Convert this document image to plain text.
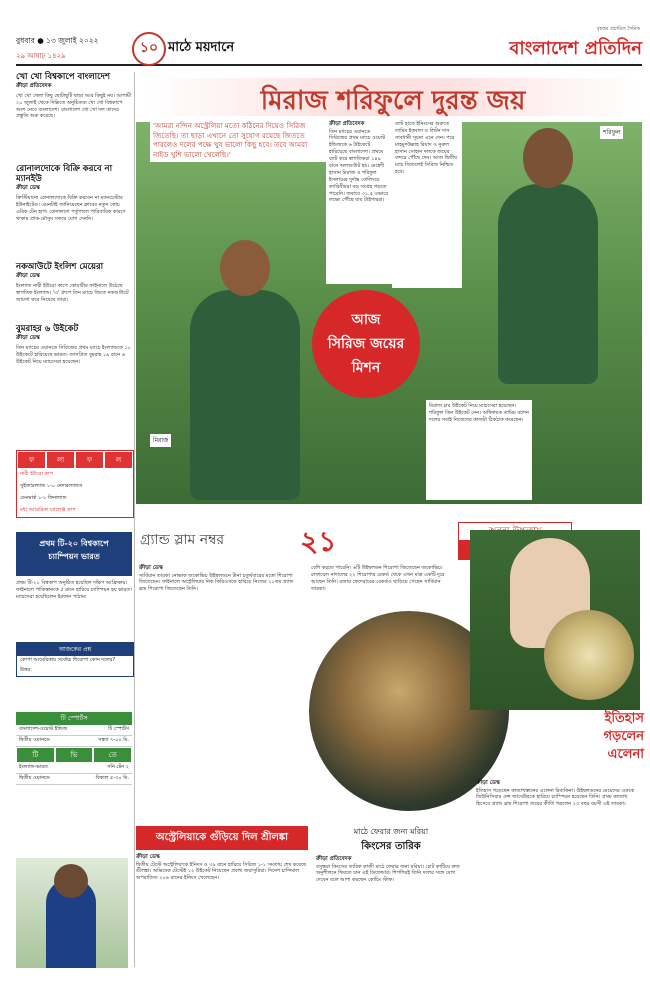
বুধবার ● ১৩ জুলাই ২০২২
২৯ আষাঢ় ১৪২৯	১০ মাঠে ময়দানে
বৃহত্তম প্রচারিত দৈনিক
বাংলাদেশ প্রতিদিন

খো খো বিশ্বকাপে বাংলাদেশ

ক্রীড়া প্রতিবেদক

খো খো খেলা কিছু ছোটাছুটি ছাড়া আর কিছুই নয়। আগামী ২০ জুলাই থেকে দিল্লিতে অনুষ্ঠিতব্য খো খো বিশ্বকাপে অংশ নেবে বাংলাদেশ। বাংলাদেশ খো খো দল তাদের প্রস্তুতি শুরু করেছে।

রোনালদোকে বিক্রি করবে না ম্যানইউ

ক্রীড়া ডেস্ক

ক্রিস্টিয়ানো রোনালদোকে বিক্রি করবেন না ম্যানচেস্টার ইউনাইটেড। এমনটাই জানিয়েছেন ক্লাবের নতুন কোচ এরিক টেন হাগ। রোনালদো পর্তুগালে পারিবারিক কারণে থাকায় প্রাক-মৌসুম সফরে যোগ দেননি।

নকআউটে ইংলিশ মেয়েরা

ক্রীড়া ডেস্ক

ইংল্যান্ড নারী ইউরো কাপে কোয়ার্টার ফাইনালে উঠেছে স্বাগতিক ইংল্যান্ড। 'এ' গ্রুপে তিন ম্যাচে জিতে নকআউটে জায়গা করে নিয়েছে তারা।

বুমরাহর ৬ উইকেট

ক্রীড়া ডেস্ক

তিন ম্যাচের ওয়ানডে সিরিজের প্রথম ম্যাচে ইংল্যান্ডকে ১০ উইকেটে হারিয়েছে ভারত। জাসপ্রিত বুমরাহ ১৯ রানে ৬ উইকেট নিয়ে ম্যাচসেরা হয়েছেন।

ফ	লা	ফ	ল
নারী ইউরো কাপ
সুইজারল্যান্ড ১-০ নেদারল্যান্ডস
ডেনমার্ক ১-১ ফিনল্যান্ড
মধ্য আমেরিকা চ্যালেঞ্জ কাপ
প্রথম টি-২০ বিশ্বকাপে
চ্যাম্পিয়ন ভারত

প্রথম টি-২০ বিশ্বকাপ অনুষ্ঠিত হয়েছিল দক্ষিণ আফ্রিকায়। ফাইনালে পাকিস্তানকে ৫ রানে হারিয়ে চ্যাম্পিয়ন হয় ভারত। ম্যাচসেরা হয়েছিলেন ইরফান পাঠান।

আজকের প্রশ্ন
কোপা আমেরিকায় সর্বোচ্চ শিরোপা কোন দলের?
উত্তর:
টি স্পোর্টস
বাংলাদেশ-ওয়েস্ট ইন্ডিজ	টি স্পোর্টস
দ্বিতীয় ওয়ানডে	সন্ধ্যা ৭-০০ মি.
টি	ভি	তে
ইংল্যান্ড-ভারত	সনি টেন ২
দ্বিতীয় ওয়ানডে	বিকাল ৫-৩০ মি.
মিরাজ শরিফুলে দুরন্ত জয়
'আমরা নন্দিন অস্ট্রেলিয়া মতো কঠিনের দিয়েও সিরিজ জিতেছি। তা ছাড়া এখানে তো সুযোগ রয়েছে জিততে পারলেও দলের পক্ষে খুব ভালো কিছু হবে। তবে আমরা নাইড খুশি ভালো খেলেছি।'
ক্রীড়া প্রতিবেদক
তিন ম্যাচের ওয়ানডে সিরিজের প্রথম ম্যাচে ওয়েস্ট ইন্ডিজকে ৬ উইকেটে হারিয়েছে বাংলাদেশ। প্রথমে ব্যাট করে স্বাগতিকরা ১৪৯ রানে অলআউট হয়। মেহেদী হাসান মিরাজ ও শরিফুল ইসলামের দুর্দান্ত বোলিংয়ে ক্যারিবীয়রা বড় সংগ্রহ গড়তে পারেনি। জবাবে ৩১.৫ ওভারে লক্ষ্যে পৌঁছে যায় টাইগাররা।
ব্যাট হাতে ইনিংসের শুরুতে তামিম ইকবাল ও লিটন দাস সাবধানী সূচনা এনে দেন। পরে মাহমুদউল্লাহ রিয়াদ ও নুরুল হাসান সোহান দলকে জয়ের বন্দরে পৌঁছে দেন। আজ দ্বিতীয় ম্যাচ জিতলেই সিরিজ নিশ্চিত হবে।
মিরাজ চার উইকেট নিয়ে ম্যাচসেরা হয়েছেন। শরিফুল তিন উইকেট নেন। অধিনায়ক তামিম বলেন দলের সবাই নিজেদের কাজটা ঠিকঠাক করেছেন।
আজ
সিরিজ জয়ের
মিশন
মিরাজ
শরিফুল
গ্র্যান্ড স্লাম নম্বর	২১
ক্রীড়া ডেস্ক
সার্বিয়ান তারকা নোভাক জকোভিচ উইম্বলডনে টানা চতুর্থবারের মতো শিরোপা জিতেছেন। ফাইনালে অস্ট্রেলিয়ার নিক কিরিওসকে হারিয়ে নিজের ২১তম গ্র্যান্ড স্লাম শিরোপা জিতেছেন তিনি।
বেশি করতে পারেনি। ৬টি উইম্বলডন শিরোপা জিতেছেন জকোভিচ। রাফায়েল নাদালের ২২ শিরোপার রেকর্ড থেকে এখন মাত্র একটি দূরে আছেন তিনি। রজার ফেদেরারের রেকর্ডও ছাড়িয়ে গেছেন সার্বিয়ান তারকা।
ইতিহাস
গড়লেন
এলেনা
ক্রীড়া ডেস্ক
ইতিহাস গড়েছেন কাজাখস্তানের এলেনা রিবাকিনা। উইম্বলডনের মেয়েদের এককে তিউনিসিয়ার ওন্স জাবেউরকে হারিয়ে চ্যাম্পিয়ন হয়েছেন তিনি। প্রথম কাজাখ হিসেবে গ্র্যান্ড স্লাম শিরোপা জয়ের কীর্তি গড়লেন ২৩ বছর বয়সী এই তারকা।
অস্ট্রেলিয়াকে গুঁড়িয়ে দিল শ্রীলঙ্কা
ক্রীড়া ডেস্ক
দ্বিতীয় টেস্টে অস্ট্রেলিয়াকে ইনিংস ও ৩৯ রানে হারিয়ে সিরিজ ১-১ সমতায় শেষ করেছে শ্রীলঙ্কা। অভিষেক টেস্টেই ১২ উইকেট নিয়েছেন প্রবাথ জয়াসুরিয়া। দিনেশ চান্দিমাল অপরাজিত ২০৬ রানের ইনিংস খেলেছেন।
মাঠে ফেরার জন্য মরিয়া
কিংসের তারিক
ক্রীড়া প্রতিবেদক
বসুন্ধরা কিংসের তারিক কাজী মাঠে ফেরার জন্য মরিয়া। চোট কাটিয়ে দ্রুত অনুশীলনে ফিরতে চান এই ডিফেন্ডার। শিগগিরই তিনি দলের সঙ্গে যোগ দেবেন বলে আশা করছেন কোচিং স্টাফ।
